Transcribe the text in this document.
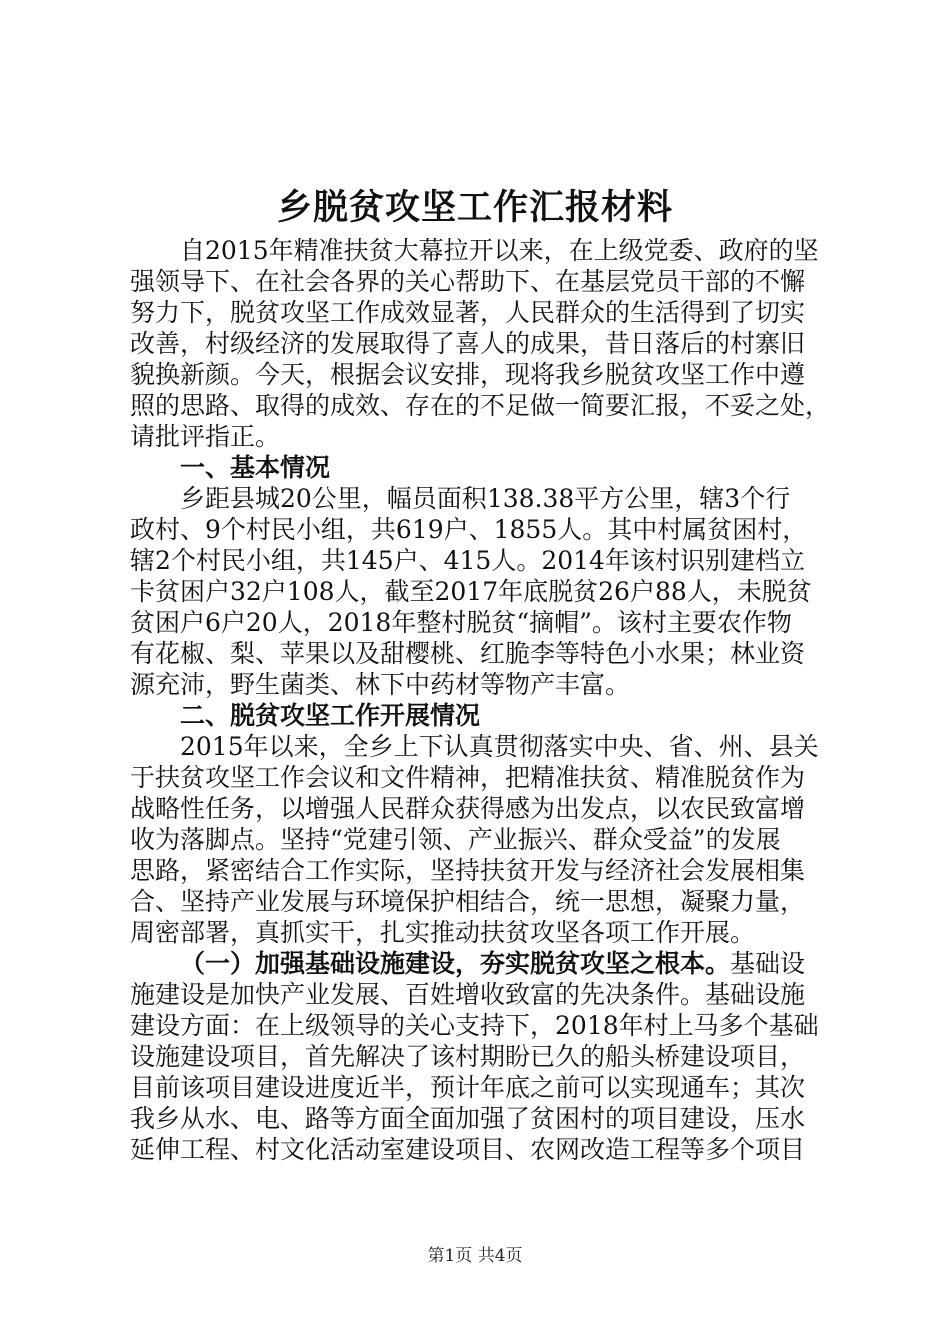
乡脱贫攻坚工作汇报材料
自2015年精准扶贫大幕拉开以来，在上级党委、政府的坚
强领导下、在社会各界的关心帮助下、在基层党员干部的不懈
努力下，脱贫攻坚工作成效显著，人民群众的生活得到了切实
改善，村级经济的发展取得了喜人的成果，昔日落后的村寨旧
貌换新颜。今天，根据会议安排，现将我乡脱贫攻坚工作中遵
照的思路、取得的成效、存在的不足做一简要汇报，不妥之处，
请批评指正。
一、基本情况
乡距县城20公里，幅员面积138.38平方公里，辖3个行
政村、9个村民小组，共619户、1855人。其中村属贫困村，
辖2个村民小组，共145户、415人。2014年该村识别建档立
卡贫困户32户108人，截至2017年底脱贫26户88人，未脱贫
贫困户6户20人，2018年整村脱贫“摘帽”。该村主要农作物
有花椒、梨、苹果以及甜樱桃、红脆李等特色小水果；林业资
源充沛，野生菌类、林下中药材等物产丰富。
二、脱贫攻坚工作开展情况
2015年以来，全乡上下认真贯彻落实中央、省、州、县关
于扶贫攻坚工作会议和文件精神，把精准扶贫、精准脱贫作为
战略性任务，以增强人民群众获得感为出发点，以农民致富增
收为落脚点。坚持“党建引领、产业振兴、群众受益”的发展
思路，紧密结合工作实际，坚持扶贫开发与经济社会发展相集
合、坚持产业发展与环境保护相结合，统一思想，凝聚力量，
周密部署，真抓实干，扎实推动扶贫攻坚各项工作开展。
（一）加强基础设施建设，夯实脱贫攻坚之根本。基础设
施建设是加快产业发展、百姓增收致富的先决条件。基础设施
建设方面：在上级领导的关心支持下，2018年村上马多个基础
设施建设项目，首先解决了该村期盼已久的船头桥建设项目，
目前该项目建设进度近半，预计年底之前可以实现通车；其次
我乡从水、电、路等方面全面加强了贫困村的项目建设，压水
延伸工程、村文化活动室建设项目、农网改造工程等多个项目
第1页 共4页
